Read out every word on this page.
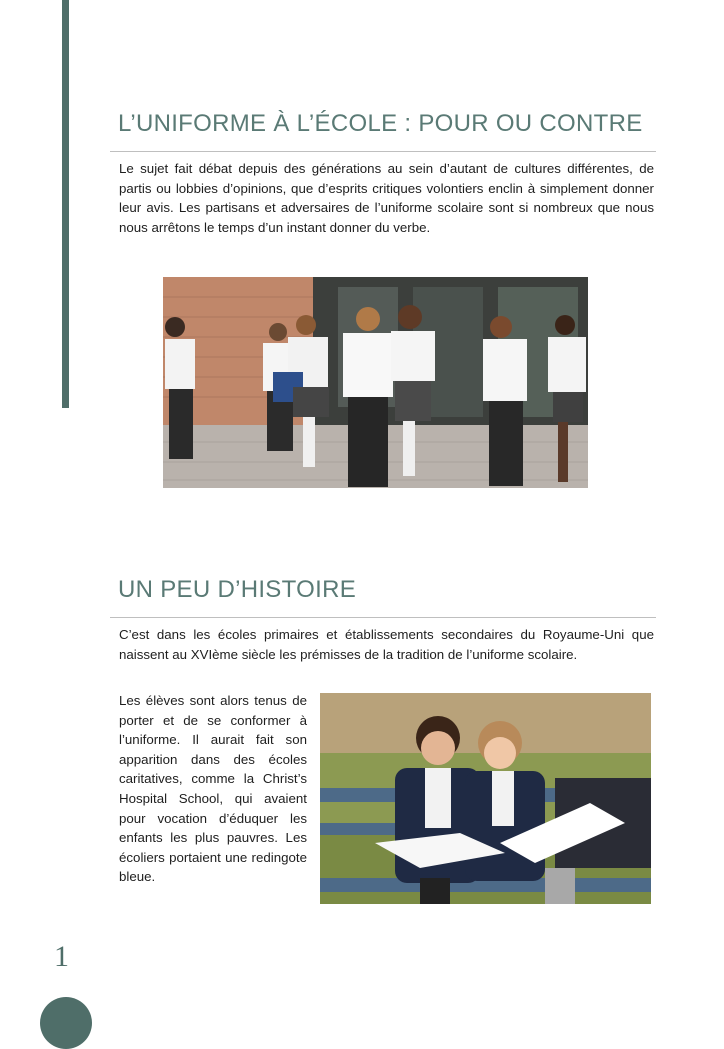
L’UNIFORME À L’ÉCOLE : POUR OU CONTRE

Le sujet fait débat depuis des générations au sein d’autant de cultures différentes, de partis ou lobbies d’opinions, que d’esprits critiques volontiers enclin à simplement donner leur avis. Les partisans et adversaires de l’uniforme scolaire sont si nombreux que nous nous arrêtons le temps d’un instant donner du verbe.

UN PEU D’HISTOIRE

C’est dans les écoles primaires et établissements secondaires du Royaume-Uni que naissent au XVIème siècle les prémisses de la tradition de l’uniforme scolaire.

Les élèves sont alors tenus de porter et de se conformer à l’uniforme. Il aurait fait son apparition dans des écoles caritatives, comme la Christ’s Hospital School, qui avaient pour vocation d’éduquer les enfants les plus pauvres. Les écoliers portaient une redingote bleue.

1
